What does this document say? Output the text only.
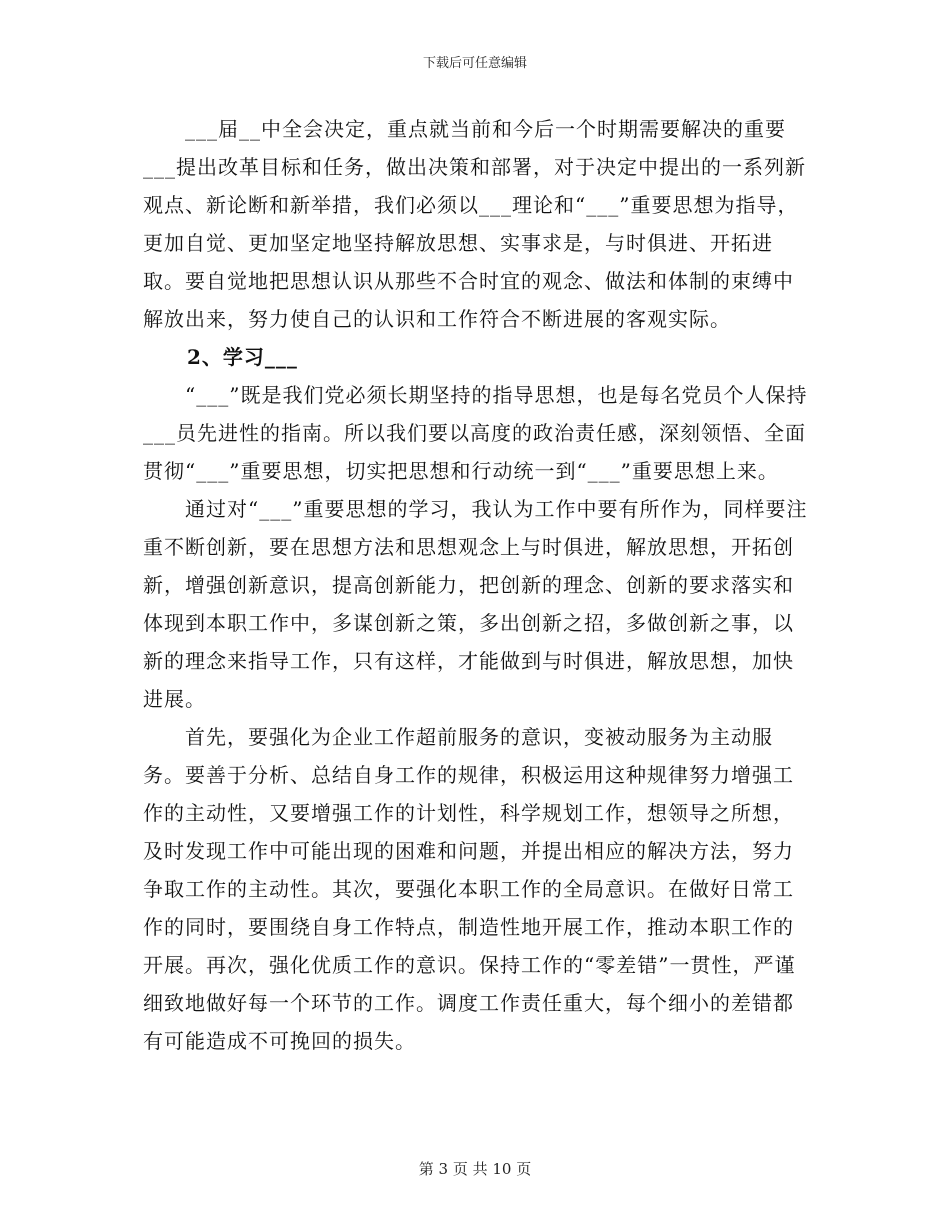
下载后可任意编辑

　　___届__中全会决定，重点就当前和今后一个时期需要解决的重要___提出改革目标和任务，做出决策和部署，对于决定中提出的一系列新观点、新论断和新举措，我们必须以___理论和“___”重要思想为指导，更加自觉、更加坚定地坚持解放思想、实事求是，与时俱进、开拓进取。要自觉地把思想认识从那些不合时宜的观念、做法和体制的束缚中解放出来，努力使自己的认识和工作符合不断进展的客观实际。

2、学习___

　　“___”既是我们党必须长期坚持的指导思想，也是每名党员个人保持___员先进性的指南。所以我们要以高度的政治责任感，深刻领悟、全面贯彻“___”重要思想，切实把思想和行动统一到“___”重要思想上来。

　　通过对“___”重要思想的学习，我认为工作中要有所作为，同样要注重不断创新，要在思想方法和思想观念上与时俱进，解放思想，开拓创新，增强创新意识，提高创新能力，把创新的理念、创新的要求落实和体现到本职工作中，多谋创新之策，多出创新之招，多做创新之事，以新的理念来指导工作，只有这样，才能做到与时俱进，解放思想，加快进展。

　　首先，要强化为企业工作超前服务的意识，变被动服务为主动服务。要善于分析、总结自身工作的规律，积极运用这种规律努力增强工作的主动性，又要增强工作的计划性，科学规划工作，想领导之所想，及时发现工作中可能出现的困难和问题，并提出相应的解决方法，努力争取工作的主动性。其次，要强化本职工作的全局意识。在做好日常工作的同时，要围绕自身工作特点，制造性地开展工作，推动本职工作的开展。再次，强化优质工作的意识。保持工作的“零差错”一贯性，严谨细致地做好每一个环节的工作。调度工作责任重大，每个细小的差错都有可能造成不可挽回的损失。

第 3 页 共 10 页
